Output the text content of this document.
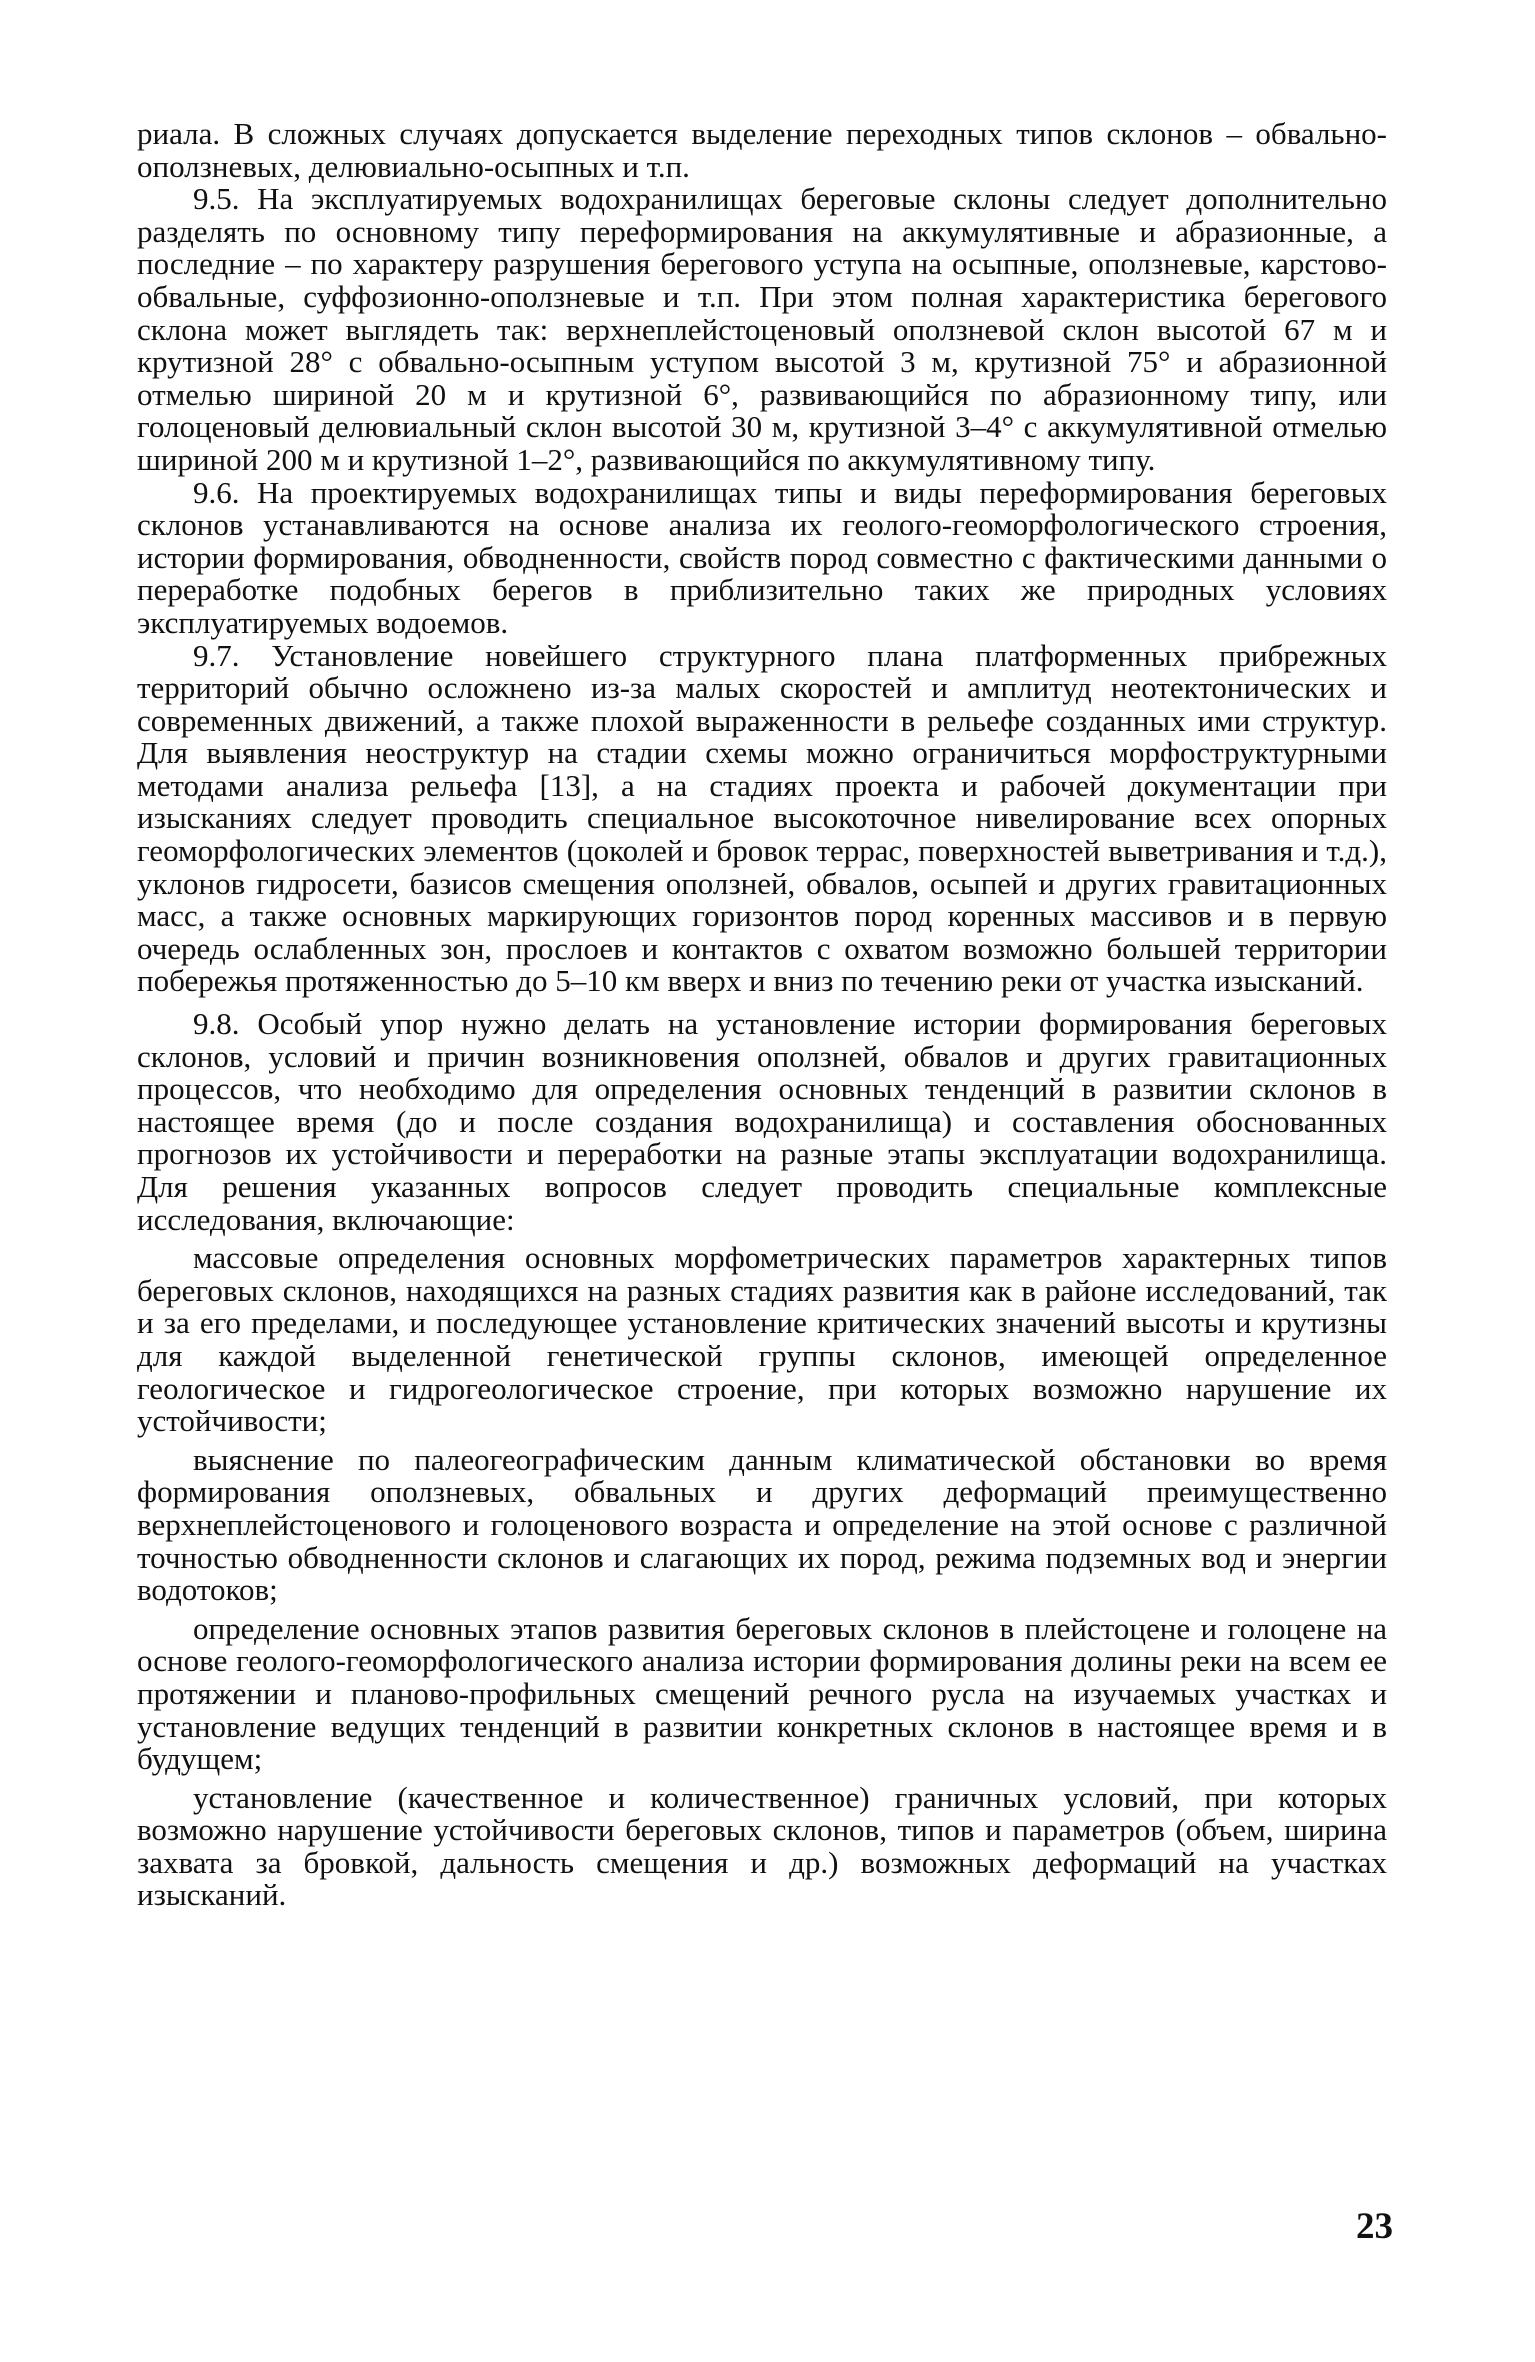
риала. В сложных случаях допускается выделение переходных типов склонов – обвально-оползневых, делювиально-осыпных и т.п.

9.5. На эксплуатируемых водохранилищах береговые склоны следует дополнительно разделять по основному типу переформирования на аккумулятивные и абразионные, а последние – по характеру разрушения берегового уступа на осыпные, оползневые, карстово-обвальные, суффозионно-оползневые и т.п. При этом полная характеристика берегового склона может выглядеть так: верхнеплейстоценовый оползневой склон высотой 67 м и крутизной 28° с обвально-осыпным уступом высотой 3 м, крутизной 75° и абразионной отмелью шириной 20 м и крутизной 6°, развивающийся по абразионному типу, или голоценовый делювиальный склон высотой 30 м, крутизной 3–4° с аккумулятивной отмелью шириной 200 м и крутизной 1–2°, развивающийся по аккумулятивному типу.

9.6. На проектируемых водохранилищах типы и виды переформирования береговых склонов устанавливаются на основе анализа их геолого-геоморфологического строения, истории формирования, обводненности, свойств пород совместно с фактическими данными о переработке подобных берегов в приблизительно таких же природных условиях эксплуатируемых водоемов.

9.7. Установление новейшего структурного плана платформенных прибрежных территорий обычно осложнено из-за малых скоростей и амплитуд неотектонических и современных движений, а также плохой выраженности в рельефе созданных ими структур. Для выявления неоструктур на стадии схемы можно ограничиться морфоструктурными методами анализа рельефа [13], а на стадиях проекта и рабочей документации при изысканиях следует проводить специальное высокоточное нивелирование всех опорных геоморфологических элементов (цоколей и бровок террас, поверхностей выветривания и т.д.), уклонов гидросети, базисов смещения оползней, обвалов, осыпей и других гравитационных масс, а также основных маркирующих горизонтов пород коренных массивов и в первую очередь ослабленных зон, прослоев и контактов с охватом возможно большей территории побережья протяженностью до 5–10 км вверх и вниз по течению реки от участка изысканий.

9.8. Особый упор нужно делать на установление истории формирования береговых склонов, условий и причин возникновения оползней, обвалов и других гравитационных процессов, что необходимо для определения основных тенденций в развитии склонов в настоящее время (до и после создания водохранилища) и составления обоснованных прогнозов их устойчивости и переработки на разные этапы эксплуатации водохранилища. Для решения указанных вопросов следует проводить специальные комплексные исследования, включающие:

массовые определения основных морфометрических параметров характерных типов береговых склонов, находящихся на разных стадиях развития как в районе исследований, так и за его пределами, и последующее установление критических значений высоты и крутизны для каждой выделенной генетической группы склонов, имеющей определенное геологическое и гидрогеологическое строение, при которых возможно нарушение их устойчивости;

выяснение по палеогеографическим данным климатической обстановки во время формирования оползневых, обвальных и других деформаций преимущественно верхнеплейстоценового и голоценового возраста и определение на этой основе с различной точностью обводненности склонов и слагающих их пород, режима подземных вод и энергии водотоков;

определение основных этапов развития береговых склонов в плейстоцене и голоцене на основе геолого-геоморфологического анализа истории формирования долины реки на всем ее протяжении и планово-профильных смещений речного русла на изучаемых участках и установление ведущих тенденций в развитии конкретных склонов в настоящее время и в будущем;

установление (качественное и количественное) граничных условий, при которых возможно нарушение устойчивости береговых склонов, типов и параметров (объем, ширина захвата за бровкой, дальность смещения и др.) возможных деформаций на участках изысканий.

23
